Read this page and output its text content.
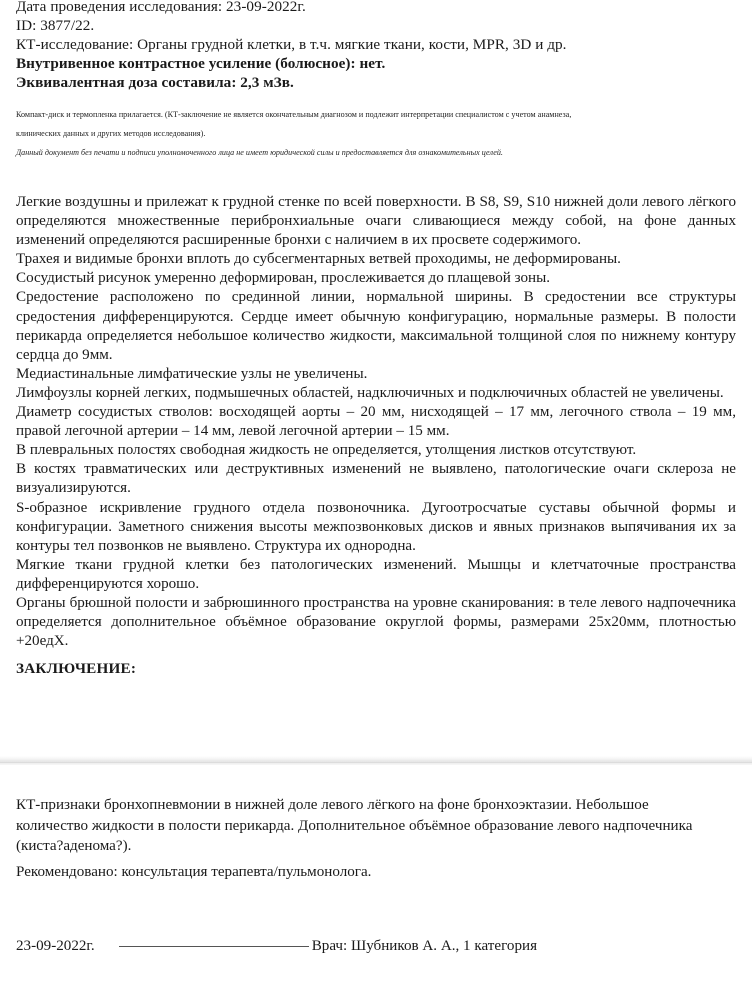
Дата проведения исследования: 23-09-2022г.
ID: 3877/22.
КТ-исследование: Органы грудной клетки, в т.ч. мягкие ткани, кости, MPR, 3D и др.
Внутривенное контрастное усиление (болюсное): нет.
Эквивалентная доза составила: 2,3 мЗв.
Компакт-диск и термопленка прилагается. (КТ-заключение не является окончательным диагнозом и подлежит интерпретации специалистом с учетом анамнеза,
клинических данных и других методов исследования).
Данный документ без печати и подписи уполномоченного лица не имеет юридической силы и предоставляется для ознакомительных целей.

Легкие воздушны и прилежат к грудной стенке по всей поверхности. В S8, S9, S10 нижней доли левого лёгкого определяются множественные перибронхиальные очаги сливающиеся между собой, на фоне данных изменений определяются расширенные бронхи с наличием в их просвете содержимого.

Трахея и видимые бронхи вплоть до субсегментарных ветвей проходимы, не деформированы.

Сосудистый рисунок умеренно деформирован, прослеживается до плащевой зоны.

Средостение расположено по срединной линии, нормальной ширины. В средостении все структуры средостения дифференцируются. Сердце имеет обычную конфигурацию, нормальные размеры. В полости перикарда определяется небольшое количество жидкости, максимальной толщиной слоя по нижнему контуру сердца до 9мм.

Медиастинальные лимфатические узлы не увеличены.

Лимфоузлы корней легких, подмышечных областей, надключичных и подключичных областей не увеличены.

Диаметр сосудистых стволов: восходящей аорты – 20 мм, нисходящей – 17 мм, легочного ствола – 19 мм, правой легочной артерии – 14 мм, левой легочной артерии – 15 мм.

В плевральных полостях свободная жидкость не определяется, утолщения листков отсутствуют.

В костях травматических или деструктивных изменений не выявлено, патологические очаги склероза не визуализируются.

S-образное искривление грудного отдела позвоночника. Дугоотросчатые суставы обычной формы и конфигурации. Заметного снижения высоты межпозвонковых дисков и явных признаков выпячивания их за контуры тел позвонков не выявлено. Структура их однородна.

Мягкие ткани грудной клетки без патологических изменений. Мышцы и клетчаточные пространства дифференцируются хорошо.

Органы брюшной полости и забрюшинного пространства на уровне сканирования: в теле левого надпочечника определяется дополнительное объёмное образование округлой формы, размерами 25х20мм, плотностью +20едХ.

ЗАКЛЮЧЕНИЕ:

КТ-признаки бронхопневмонии в нижней доле левого лёгкого на фоне бронхоэктазии. Небольшое количество жидкости в полости перикарда. Дополнительное объёмное образование левого надпочечника (киста?аденома?).

Рекомендовано: консультация терапевта/пульмонолога.
23-09-2022г.	Врач: Шубников А. А., 1 категория
